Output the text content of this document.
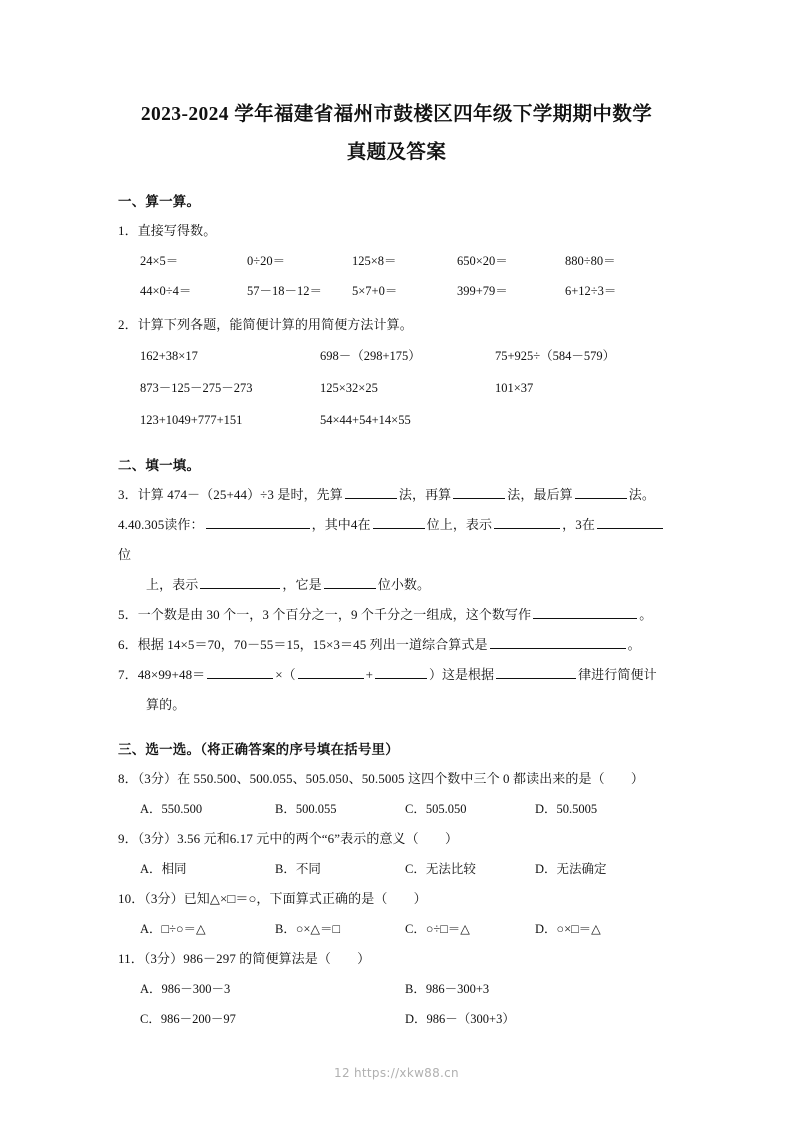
2023-2024 学年福建省福州市鼓楼区四年级下学期期中数学
真题及答案
一、算一算。
1．直接写得数。
24×5＝	0÷20＝	125×8＝	650×20＝	880÷80＝
44×0÷4＝	57－18－12＝ 5×7+0＝	399+79＝	6+12÷3＝
2．计算下列各题，能简便计算的用简便方法计算。
162+38×17	698－（298+175）	75+925÷（584－579）
873－125－275－273	125×32×25	101×37
123+1049+777+151	54×44+54+14×55
二、填一填。
3．计算 474－（25+44）÷3 是时，先算	法，再算	法，最后算	法。
4.40.305读作：	，其中4在	位上，表示	，3在位
上，表示	，它是	位小数。
5．一个数是由 30 个一，3 个百分之一，9 个千分之一组成，这个数写作	。
6．根据 14×5＝70，70－55＝15，15×3＝45 列出一道综合算式是	。
7．48×99+48＝	×（	+	）这是根据	律进行简便计
算的。
三、选一选。（将正确答案的序号填在括号里）
8．（3分）在 550.500、500.055、505.050、50.5005 这四个数中三个 0 都读出来的是（　　）
A．550.500	B．500.055	C．505.050	D．50.5005
9．（3分）3.56 元和6.17 元中的两个“6”表示的意义（　　）
A．相同	B．不同	C．无法比较	D．无法确定
10．（3分）已知△×□＝○，下面算式正确的是（　　）
A．□÷○＝△	B．○×△＝□	C．○÷□＝△	D．○×□＝△
11．（3分）986－297 的简便算法是（　　）
A．986－300－3	B．986－300+3
C．986－200－97	D．986－（300+3）
12 https://xkw88.cn
